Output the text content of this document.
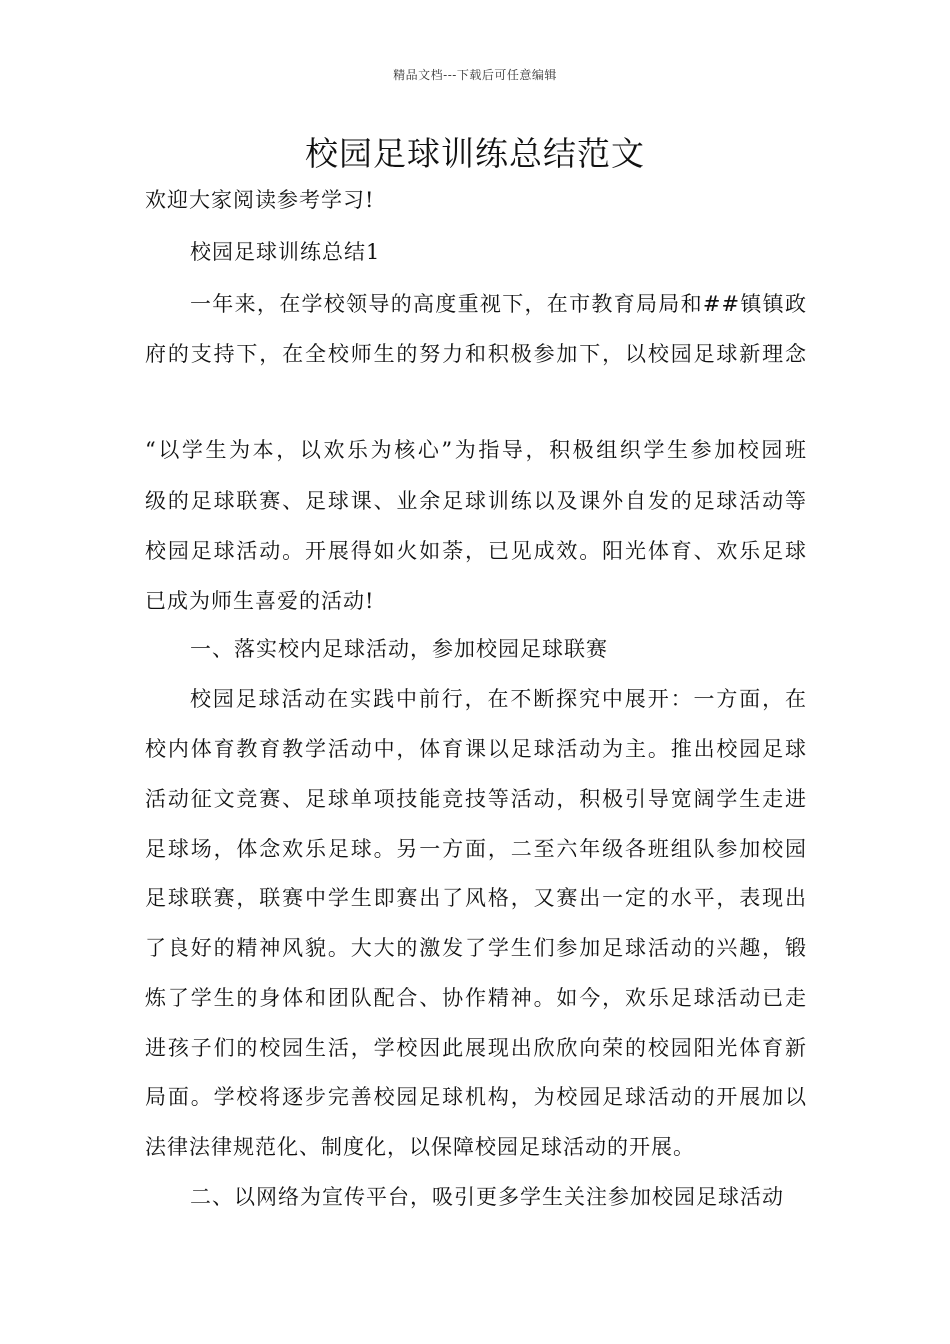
精品文档---下载后可任意编辑
校园足球训练总结范文
欢迎大家阅读参考学习!
校园足球训练总结1
一年来，在学校领导的高度重视下，在市教育局局和##镇镇政
府的支持下，在全校师生的努力和积极参加下，以校园足球新理念
“以学生为本，以欢乐为核心”为指导，积极组织学生参加校园班
级的足球联赛、足球课、业余足球训练以及课外自发的足球活动等
校园足球活动。开展得如火如荼，已见成效。阳光体育、欢乐足球
已成为师生喜爱的活动!
一、落实校内足球活动，参加校园足球联赛
校园足球活动在实践中前行，在不断探究中展开：一方面，在
校内体育教育教学活动中，体育课以足球活动为主。推出校园足球
活动征文竞赛、足球单项技能竞技等活动，积极引导宽阔学生走进
足球场，体念欢乐足球。另一方面，二至六年级各班组队参加校园
足球联赛，联赛中学生即赛出了风格，又赛出一定的水平，表现出
了良好的精神风貌。大大的激发了学生们参加足球活动的兴趣，锻
炼了学生的身体和团队配合、协作精神。如今，欢乐足球活动已走
进孩子们的校园生活，学校因此展现出欣欣向荣的校园阳光体育新
局面。学校将逐步完善校园足球机构，为校园足球活动的开展加以
法律法律规范化、制度化，以保障校园足球活动的开展。
二、以网络为宣传平台，吸引更多学生关注参加校园足球活动
